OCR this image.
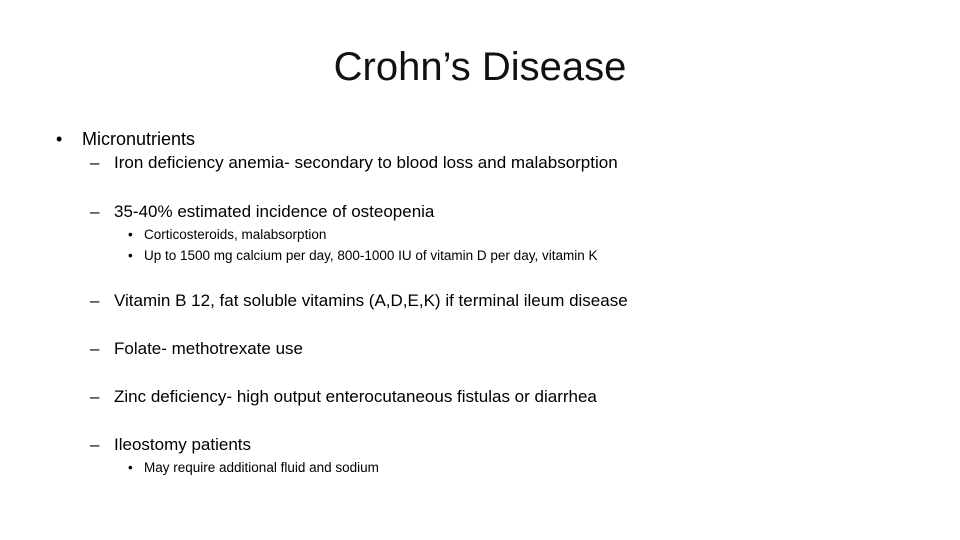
Crohn’s Disease
• Micronutrients
– Iron deficiency anemia- secondary to blood loss and malabsorption
– 35-40% estimated incidence of osteopenia
• Corticosteroids, malabsorption
• Up to 1500 mg calcium per day, 800-1000 IU of vitamin D per day, vitamin K
– Vitamin B 12, fat soluble vitamins (A,D,E,K) if terminal ileum disease
– Folate- methotrexate use
– Zinc deficiency- high output enterocutaneous fistulas or diarrhea
– Ileostomy patients
• May require additional fluid and sodium
